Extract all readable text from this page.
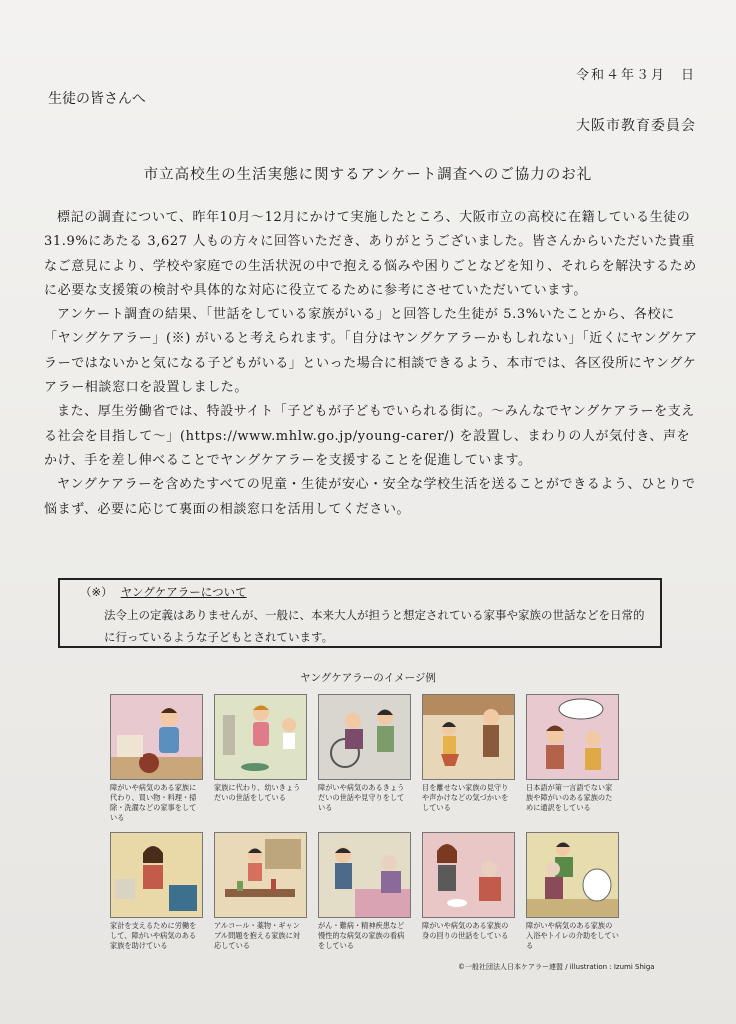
令和４年３月　日
生徒の皆さんへ
大阪市教育委員会
市立高校生の生活実態に関するアンケート調査へのご協力のお礼

標記の調査について、昨年10月～12月にかけて実施したところ、大阪市立の高校に在籍している生徒の 31.9%にあたる 3,627 人もの方々に回答いただき、ありがとうございました。皆さんからいただいた貴重なご意見により、学校や家庭での生活状況の中で抱える悩みや困りごとなどを知り、それらを解決するために必要な支援策の検討や具体的な対応に役立てるために参考にさせていただいています。

アンケート調査の結果、「世話をしている家族がいる」と回答した生徒が 5.3%いたことから、各校に「ヤングケアラー」(※) がいると考えられます。「自分はヤングケアラーかもしれない」「近くにヤングケアラーではないかと気になる子どもがいる」といった場合に相談できるよう、本市では、各区役所にヤングケアラー相談窓口を設置しました。

また、厚生労働省では、特設サイト「子どもが子どもでいられる街に。～みんなでヤングケアラーを支える社会を目指して～」(https://www.mhlw.go.jp/young-carer/) を設置し、まわりの人が気付き、声をかけ、手を差し伸べることでヤングケアラーを支援することを促進しています。

ヤングケアラーを含めたすべての児童・生徒が安心・安全な学校生活を送ることができるよう、ひとりで悩まず、必要に応じて裏面の相談窓口を活用してください。

（※） ヤングケアラーについて
法令上の定義はありませんが、一般に、本来大人が担うと想定されている家事や家族の世話などを日常的に行っているような子どもとされています。
ヤングケアラーのイメージ例
障がいや病気のある家族に代わり、買い物・料理・掃除・洗濯などの家事をしている
家族に代わり、幼いきょうだいの世話をしている
障がいや病気のあるきょうだいの世話や見守りをしている
目を離せない家族の見守りや声かけなどの気づかいをしている
日本語が第一言語でない家族や障がいのある家族のために通訳をしている
家計を支えるために労働をして、障がいや病気のある家族を助けている
アルコール・薬物・ギャンブル問題を抱える家族に対応している
がん・難病・精神疾患など慢性的な病気の家族の看病をしている
障がいや病気のある家族の身の回りの世話をしている
障がいや病気のある家族の入浴やトイレの介助をしている
©一般社団法人日本ケアラー連盟 / illustration : Izumi Shiga
